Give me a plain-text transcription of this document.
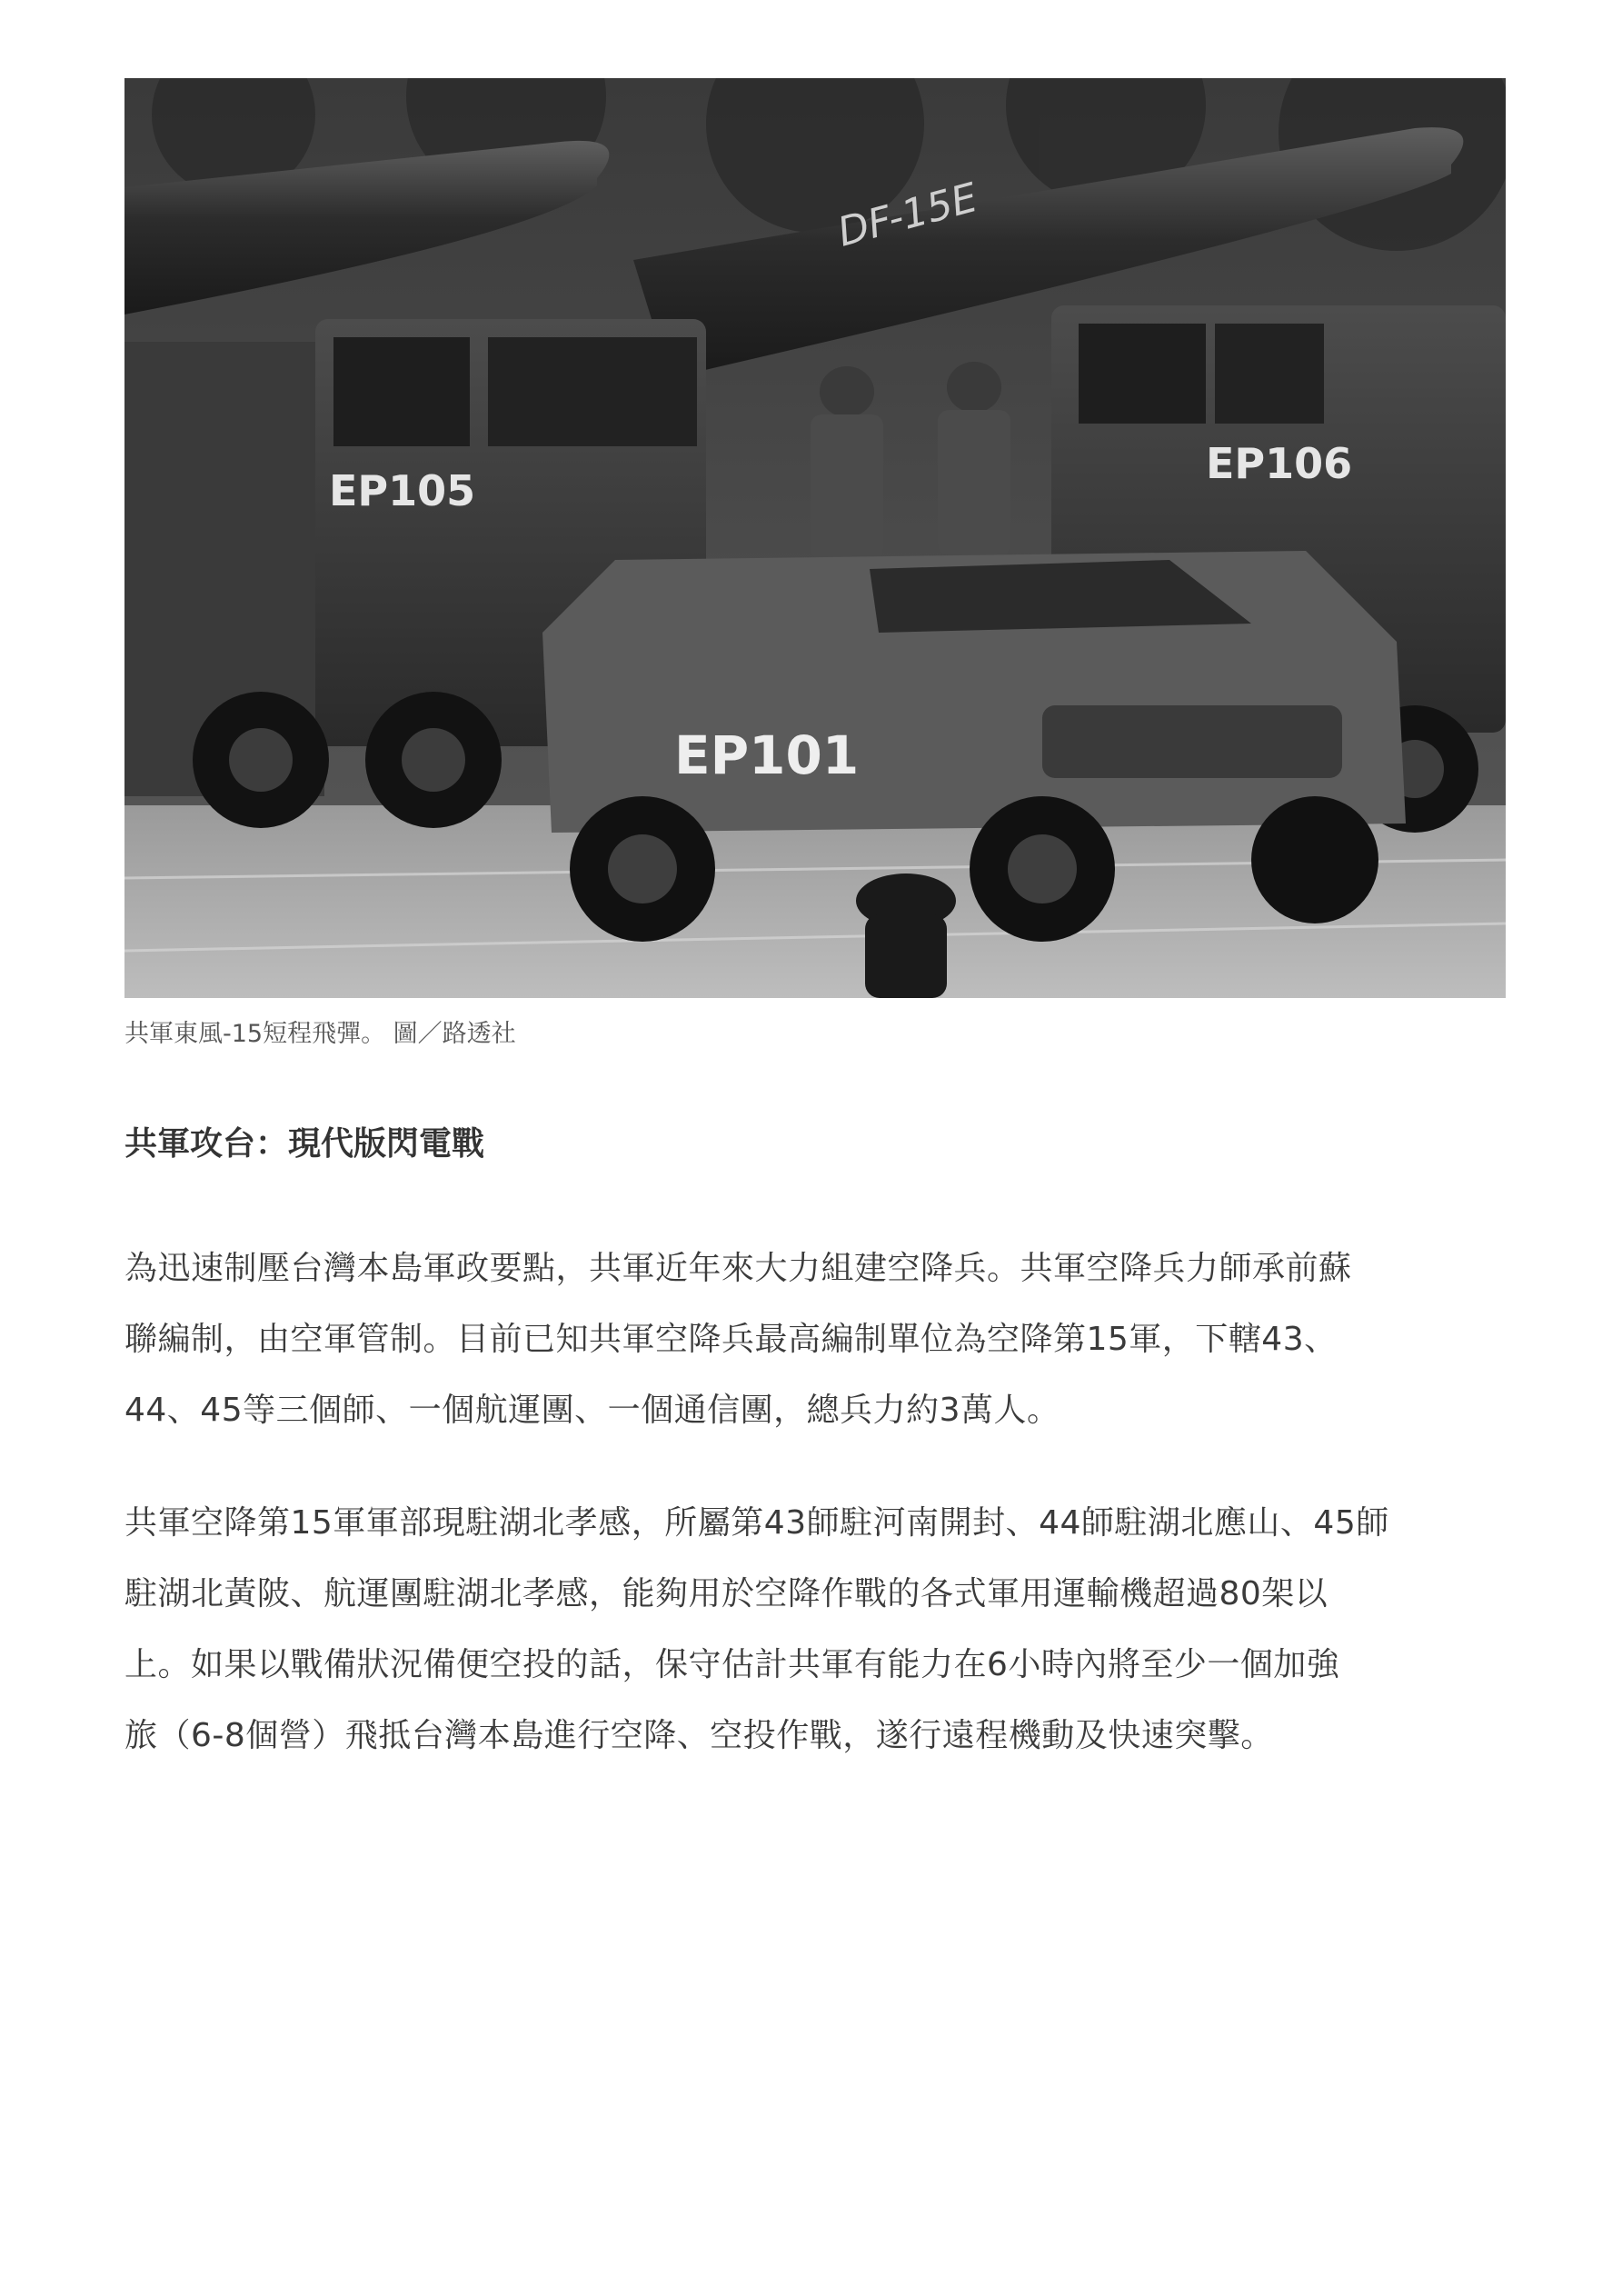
DF-15E
EP105
EP106
EP101
共軍東風-15短程飛彈。 圖／路透社
共軍攻台：現代版閃電戰

為迅速制壓台灣本島軍政要點，共軍近年來大力組建空降兵。共軍空降兵力師承前蘇
聯編制，由空軍管制。目前已知共軍空降兵最高編制單位為空降第15軍，下轄43、
44、45等三個師、一個航運團、一個通信團，總兵力約3萬人。

共軍空降第15軍軍部現駐湖北孝感，所屬第43師駐河南開封、44師駐湖北應山、45師
駐湖北黃陂、航運團駐湖北孝感，能夠用於空降作戰的各式軍用運輸機超過80架以
上。如果以戰備狀況備便空投的話，保守估計共軍有能力在6小時內將至少一個加強
旅（6-8個營）飛抵台灣本島進行空降、空投作戰，遂行遠程機動及快速突擊。
